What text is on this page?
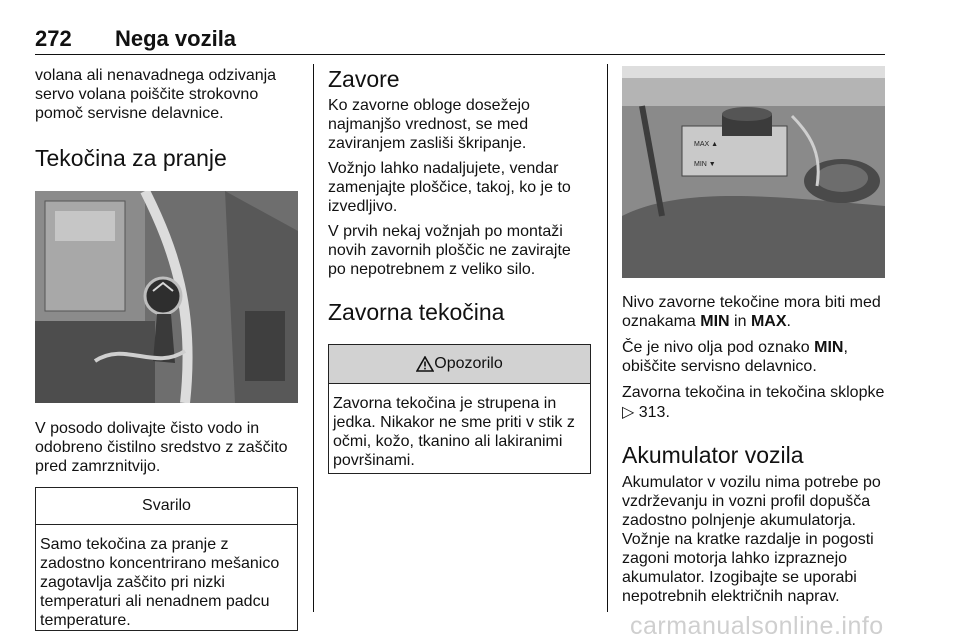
272 Nega vozila

volana ali nenavadnega odzivanja servo volana poiščite strokovno pomoč servisne delavnice.

Tekočina za pranje

V posodo dolivajte čisto vodo in odobreno čistilno sredstvo z zaščito pred zamrznitvijo.

Svarilo

Samo tekočina za pranje z zadostno koncentrirano mešanico zagotavlja zaščito pri nizki temperaturi ali nenadnem padcu temperature.

Zavore

Ko zavorne obloge dosežejo najmanjšo vrednost, se med zaviranjem zasliši škripanje.

Vožnjo lahko nadaljujete, vendar zamenjajte ploščice, takoj, ko je to izvedljivo.

V prvih nekaj vožnjah po montaži novih zavornih ploščic ne zavirajte po nepotrebnem z veliko silo.

Zavorna tekočina
Opozorilo

Zavorna tekočina je strupena in jedka. Nikakor ne sme priti v stik z očmi, kožo, tkanino ali lakiranimi površinami.

MAX ▲
MIN ▼

Nivo zavorne tekočine mora biti med oznakama MIN in MAX.

Če je nivo olja pod oznako MIN, obiščite servisno delavnico.

Zavorna tekočina in tekočina sklopke
▷ 313.

Akumulator vozila

Akumulator v vozilu nima potrebe po vzdrževanju in vozni profil dopušča zadostno polnjenje akumulatorja. Vožnje na kratke razdalje in pogosti zagoni motorja lahko izpraznejo akumulator. Izogibajte se uporabi nepotrebnih električnih naprav.

carmanualsonline.info
